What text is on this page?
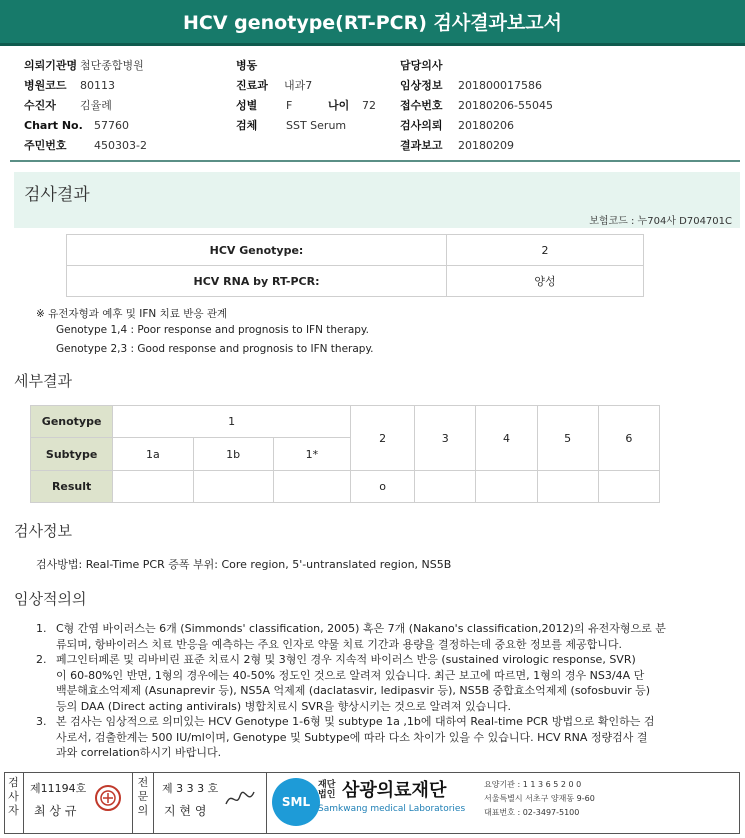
HCV genotype(RT-PCR) 검사결과보고서
의뢰기관명 첨단종합병원
병원코드 80113
수진자 김율례
Chart No. 57760
주민번호 450303-2
병동
진료과 내과7
성별	F	나이 72
검체	SST Serum
담당의사
임상정보 201800017586
접수번호 20180206-55045
검사의뢰 20180206
결과보고 20180209
검사결과
보험코드 : 누704사 D704701C
HCV Genotype:	2
HCV RNA by RT-PCR:	양성
※ 유전자형과 예후 및 IFN 치료 반응 관계
Genotype 1,4 : Poor response and prognosis to IFN therapy.
Genotype 2,3 : Good response and prognosis to IFN therapy.
세부결과
Genotype	1			2	3	4	5	6
Subtype	1a	1b	1*					
Result				o				
검사정보
검사방법: Real-Time PCR 증폭 부위: Core region, 5'-untranslated region, NS5B
임상적의의
1. C형 간염 바이러스는 6개 (Simmonds' classification, 2005) 혹은 7개 (Nakano's classification,2012)의 유전자형으로 분
류되며, 항바이러스 치료 반응을 예측하는 주요 인자로 약물 치료 기간과 용량을 결정하는데 중요한 정보를 제공합니다.
2. 페그인터페론 및 리바비린 표준 치료시 2형 및 3형인 경우 지속적 바이러스 반응 (sustained virologic response, SVR)
이 60-80%인 반면, 1형의 경우에는 40-50% 정도인 것으로 알려져 있습니다. 최근 보고에 따르면, 1형의 경우 NS3/4A 단
백분해효소억제제 (Asunaprevir 등), NS5A 억제제 (daclatasvir, ledipasvir 등), NS5B 중합효소억제제 (sofosbuvir 등)
등의 DAA (Direct acting antivirals) 병합치료시 SVR을 향상시키는 것으로 알려져 있습니다.
3. 본 검사는 임상적으로 의미있는 HCV Genotype 1-6형 및 subtype 1a ,1b에 대하여 Real-time PCR 방법으로 확인하는 검
사로서, 검출한계는 500 IU/ml이며, Genotype 및 Subtype에 따라 다소 차이가 있을 수 있습니다. HCV RNA 정량검사 결
과와 correlation하시기 바랍니다.
검사자
제11194호
최 상 규
전문의
제 3 3 3 호
지 현 영
SML
재단법인 삼광의료재단
Samkwang medical Laboratories
요양기관 : 1 1 3 6 5 2 0 0
서울특별시 서초구 양재동 9-60
대표번호 : 02-3497-5100
